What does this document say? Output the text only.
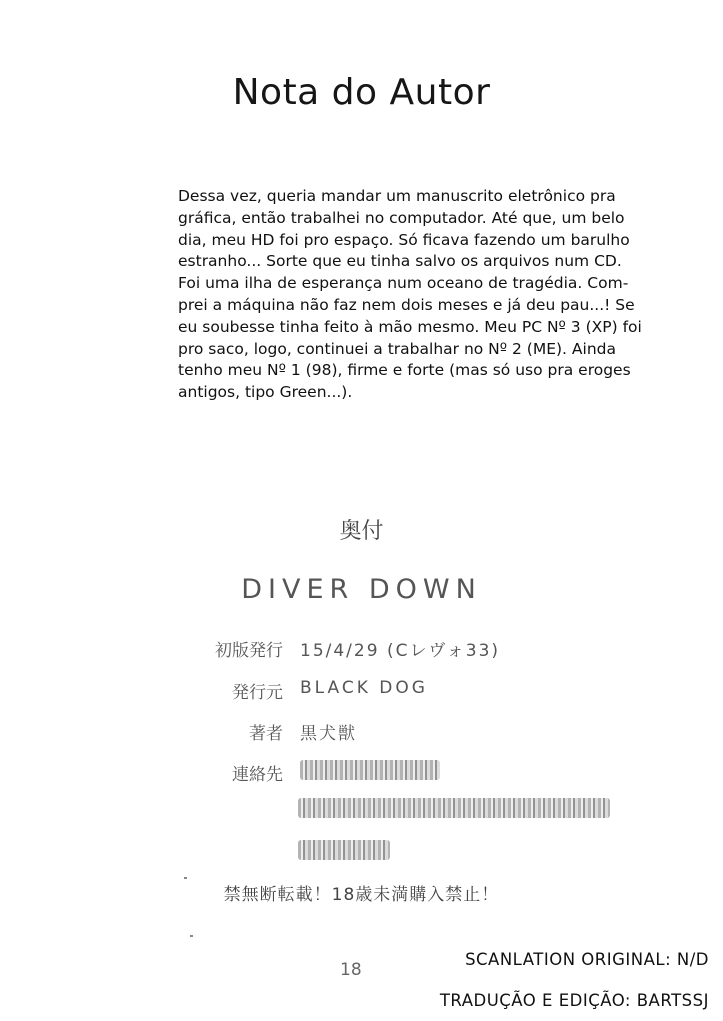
Nota do Autor
Dessa vez, queria mandar um manuscrito eletrônico pra
gráfica, então trabalhei no computador. Até que, um belo
dia, meu HD foi pro espaço. Só ficava fazendo um barulho
estranho... Sorte que eu tinha salvo os arquivos num CD.
Foi uma ilha de esperança num oceano de tragédia. Com-
prei a máquina não faz nem dois meses e já deu pau...! Se
eu soubesse tinha feito à mão mesmo. Meu PC Nº 3 (XP) foi
pro saco, logo, continuei a trabalhar no Nº 2 (ME). Ainda
tenho meu Nº 1 (98), firme e forte (mas só uso pra eroges
antigos, tipo Green...).
奥付
DIVER DOWN
初版発行 15/4/29 (Cレヴォ33)
発行元 BLACK DOG
著者 黒犬獣
連絡先
禁無断転載！18歳未満購入禁止！
18
SCANLATION ORIGINAL: N/D
TRADUÇÃO E EDIÇÃO: BARTSSJ
